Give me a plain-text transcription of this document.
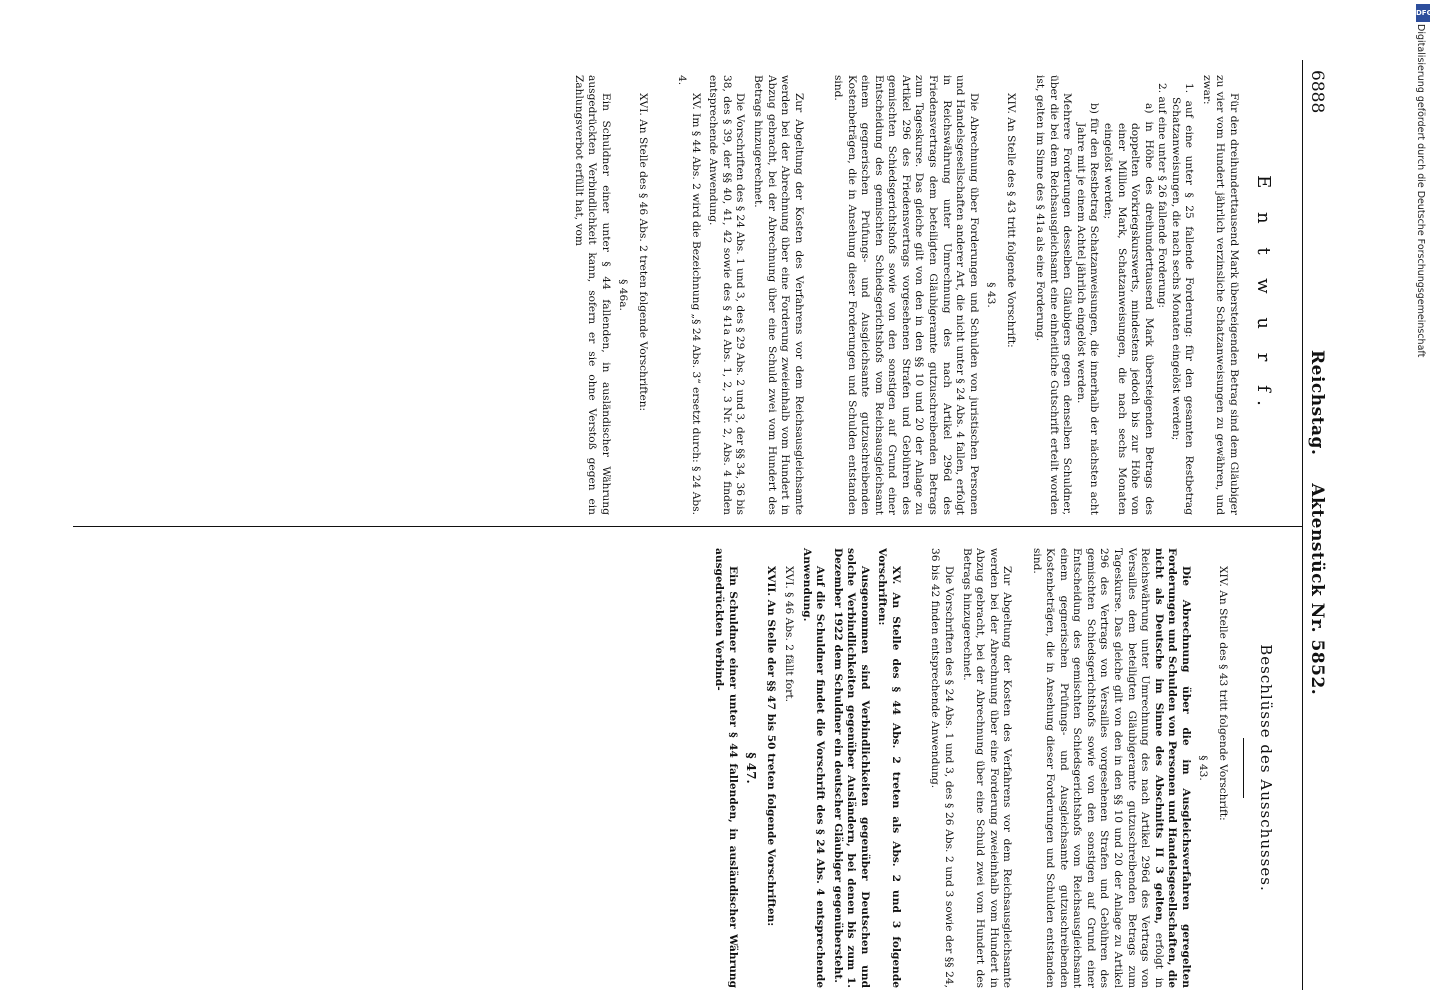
6888
Reichstag.Aktenstück Nr. 5852.
E n t w u r f.

Für den dreihunderttausend Mark übersteigenden Betrag sind dem Gläubiger zu vier vom Hundert jährlich verzinsliche Schatzanweisungen zu gewähren, und zwar:

1. auf eine unter § 25 fallende Forderung: für den gesamten Restbetrag Schatzanweisungen, die nach sechs Monaten eingelöst werden;

2. auf eine unter § 26 fallende Forderung:

a) in Höhe des dreihunderttausend Mark übersteigenden Betrags des doppelten Vorkriegskurswerts, mindestens jedoch bis zur Höhe von einer Million Mark, Schatzanweisungen, die nach sechs Monaten eingelöst werden;

b) für den Restbetrag Schatzanweisungen, die innerhalb der nächsten acht Jahre mit je einem Achtel jährlich eingelöst werden.

Mehrere Forderungen desselben Gläubigers gegen denselben Schuldner, über die bei dem Reichsausgleichsamt eine einheitliche Gutschrift erteilt worden ist, gelten im Sinne des § 41a als eine Forderung.

XIV. An Stelle des § 43 tritt folgende Vorschrift:

§ 43.

Die Abrechnung über Forderungen und Schulden von juristischen Personen und Handelsgesellschaften anderer Art, die nicht unter § 24 Abs. 4 fallen, erfolgt in Reichswährung unter Umrechnung des nach Artikel 296d des Friedensvertrags dem beteiligten Gläubigeramte gutzuschreibenden Betrags zum Tageskurse. Das gleiche gilt von den in den §§ 10 und 20 der Anlage zu Artikel 296 des Friedensvertrags vorgesehenen Strafen und Gebühren des gemischten Schiedsgerichtshofs sowie von den sonstigen auf Grund einer Entscheidung des gemischten Schiedsgerichtshofs vom Reichsausgleichsamt einem gegnerischen Prüfungs- und Ausgleichsamte gutzuschreibenden Kostenbeträgen, die in Ansehung dieser Forderungen und Schulden entstanden sind.

Zur Abgeltung der Kosten des Verfahrens vor dem Reichsausgleichsamte werden bei der Abrechnung über eine Forderung zweieinhalb vom Hundert in Abzug gebracht, bei der Abrechnung über eine Schuld zwei vom Hundert des Betrags hinzugerechnet.

Die Vorschriften des § 24 Abs. 1 und 3, des § 29 Abs. 2 und 3, der §§ 34, 36 bis 38, des § 39, der §§ 40, 41, 42 sowie des § 41a Abs. 1, 2, 3 Nr. 2, Abs. 4 finden entsprechende Anwendung.

XV. Im § 44 Abs. 2 wird die Bezeichnung „§ 24 Abs. 3“ ersetzt durch: § 24 Abs. 4.

XVI. An Stelle des § 46 Abs. 2 treten folgende Vorschriften:

§ 46a.

Ein Schuldner einer unter § 44 fallenden, in ausländischer Währung ausgedrückten Verbindlichkeit kann, sofern er sie ohne Verstoß gegen ein Zahlungsverbot erfüllt hat, vom

Beschlüsse des Ausschusses.

XIV. An Stelle des § 43 tritt folgende Vorschrift:

§ 43.

Die Abrechnung über die im Ausgleichsverfahren geregelten Forderungen und Schulden von Personen und Handelsgesellschaften, die nicht als Deutsche im Sinne des Abschnitts II 3 gelten, erfolgt in Reichswährung unter Umrechnung des nach Artikel 296d des Vertrags von Versailles dem beteiligten Gläubigeramte gutzuschreibenden Betrags zum Tageskurse. Das gleiche gilt von den in den §§ 10 und 20 der Anlage zu Artikel 296 des Vertrags von Versailles vorgesehenen Strafen und Gebühren des gemischten Schiedsgerichtshofs sowie von den sonstigen auf Grund einer Entscheidung des gemischten Schiedsgerichtshofs vom Reichsausgleichsamt einem gegnerischen Prüfungs- und Ausgleichsamte gutzuschreibenden Kostenbeträgen, die in Ansehung dieser Forderungen und Schulden entstanden sind.

Zur Abgeltung der Kosten des Verfahrens vor dem Reichsausgleichsamte werden bei der Abrechnung über eine Forderung zweieinhalb vom Hundert in Abzug gebracht, bei der Abrechnung über eine Schuld zwei vom Hundert des Betrags hinzugerechnet.

Die Vorschriften des § 24 Abs. 1 und 3, des § 26 Abs. 2 und 3 sowie der §§ 24, 36 bis 42 finden entsprechende Anwendung.

XV. An Stelle des § 44 Abs. 2 treten als Abs. 2 und 3 folgende Vorschriften:

Ausgenommen sind Verbindlichkeiten gegenüber Deutschen und solche Verbindlichkeiten gegenüber Ausländern, bei denen bis zum 1. Dezember 1922 dem Schuldner ein deutscher Gläubiger gegenübersteht.

Auf die Schuldner findet die Vorschrift des § 24 Abs. 4 entsprechende Anwendung.

XVI. § 46 Abs. 2 fällt fort.

XVII. An Stelle der §§ 47 bis 50 treten folgende Vorschriften:

§ 47.

Ein Schuldner einer unter § 44 fallenden, in ausländischer Währung ausgedrückten Verbind-

DFG
Digitalisierung gefördert durch die Deutsche Forschungsgemeinschaft
